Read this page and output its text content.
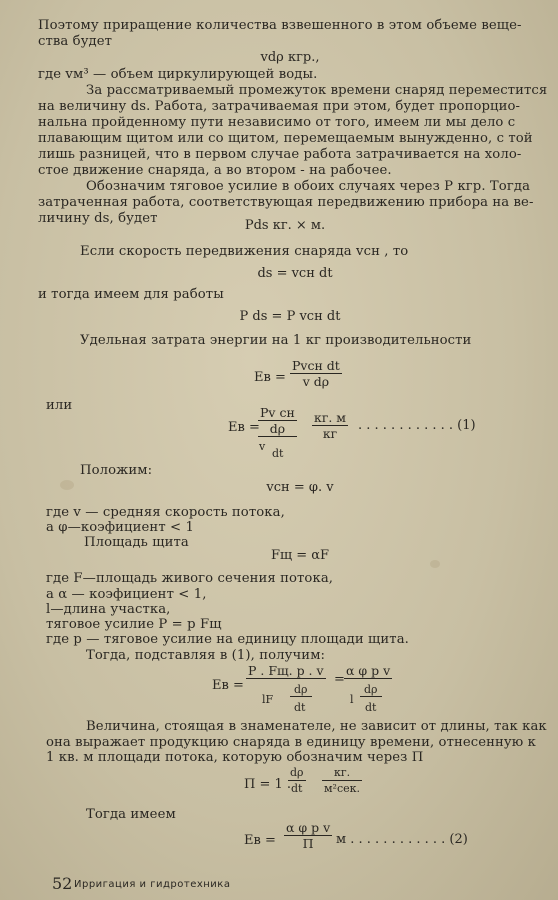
Поэтому приращение количества взвешенного в этом объеме веще-
ства будет
vdρ кгр.,
где vм³ — объем циркулирующей воды.
За рассматриваемый промежуток времени снаряд переместится
на величину ds. Работа, затрачиваемая при этом, будет пропорцио-
нальна пройденному пути независимо от того, имеем ли мы дело с
плавающим щитом или со щитом, перемещаемым вынужденно, с той
лишь разницей, что в первом случае работа затрачивается на холо-
стое движение снаряда, а во втором - на рабочее.
Обозначим тяговое усилие в обоих случаях через P кгр. Тогда
затраченная работа, соответствующая передвижению прибора на ве-
личину ds, будет	Pds кг. × м.
Если скорость передвижения снаряда vсн , то
ds = vсн dt
и тогда имеем для работы
P ds = P vсн dt
Удельная затрата энергии на 1 кг производительности
Eв =
Pvсн dt
v dρ
или
Eв =
Pv сн
dρ
v
dt
кг. м
кг
. . . . . . . . . . . . (1)
Положим:
vсн = φ. v
где v — средняя скорость потока,
а φ—коэфициент < 1
Площадь щита
Fщ = αF
где F—площадь живого сечения потока,
а α — коэфициент < 1,
l—длина участка,
тяговое усилие P = p Fщ
где p — тяговое усилие на единицу площади щита.
Тогда, подставляя в (1), получим:
Eв =
P . Fщ. p . v
lF
dρ
dt
=
α φ p v
dρ
l
dt
Величина, стоящая в знаменателе, не зависит от длины, так как
она выражает продукцию снаряда в единицу времени, отнесенную к
1 кв. м площади потока, которую обозначим через П
П = 1 .
$\frac{d\rho}{dt}$	кг.
м²сек.
Тогда имеем
Eв =
α φ p v
П	м . . . . . . . . . . . . (2)
52 Ирригация и гидротехника
